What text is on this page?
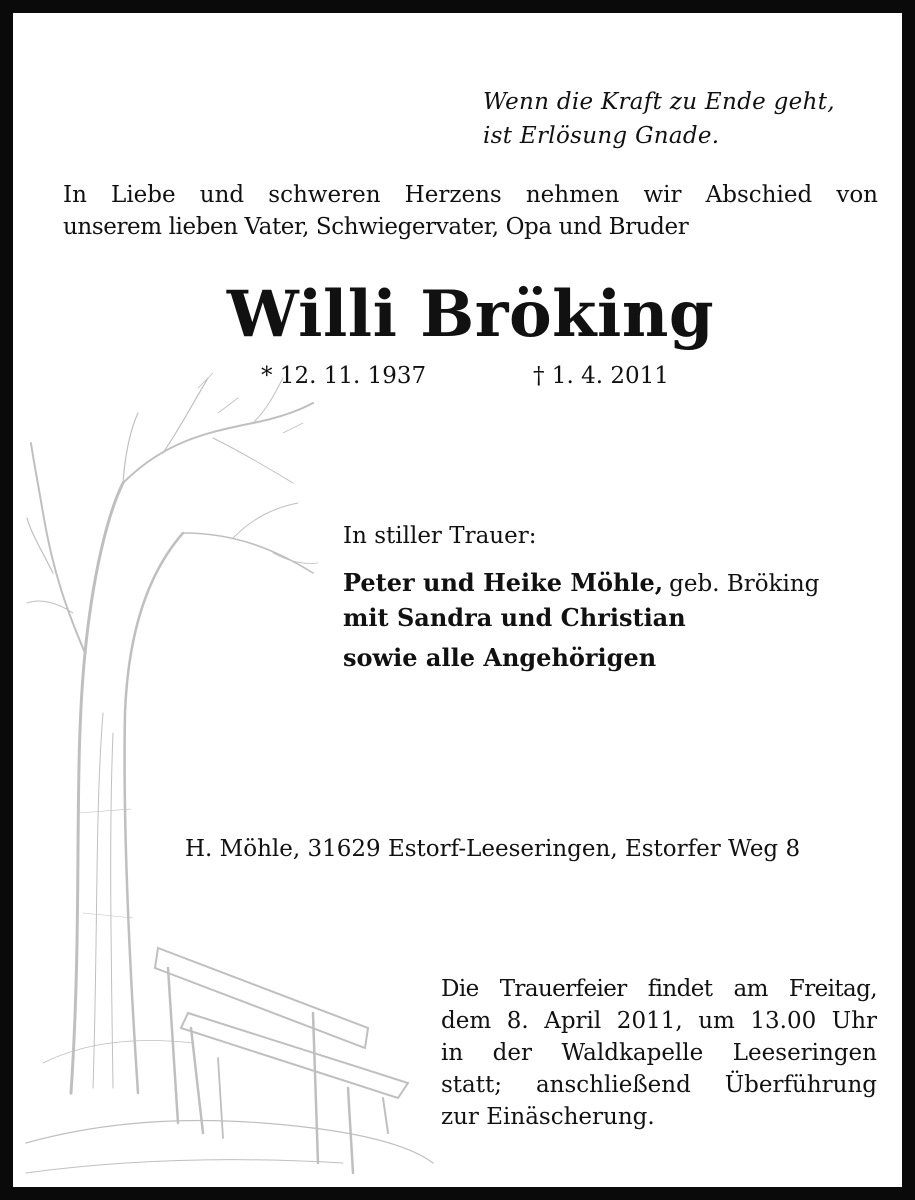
Wenn die Kraft zu Ende geht,
ist Erlösung Gnade.
In Liebe und schweren Herzens nehmen wir Abschied von
unserem lieben Vater, Schwiegervater, Opa und Bruder
Willi Bröking
* 12. 11. 1937	† 1. 4. 2011
In stiller Trauer:
Peter und Heike Möhle, geb. Bröking
mit Sandra und Christian
sowie alle Angehörigen
H. Möhle, 31629 Estorf-Leeseringen, Estorfer Weg 8
Die Trauerfeier findet am Freitag,
dem 8. April 2011, um 13.00 Uhr
in der Waldkapelle Leeseringen
statt; anschließend Überführung
zur Einäscherung.
